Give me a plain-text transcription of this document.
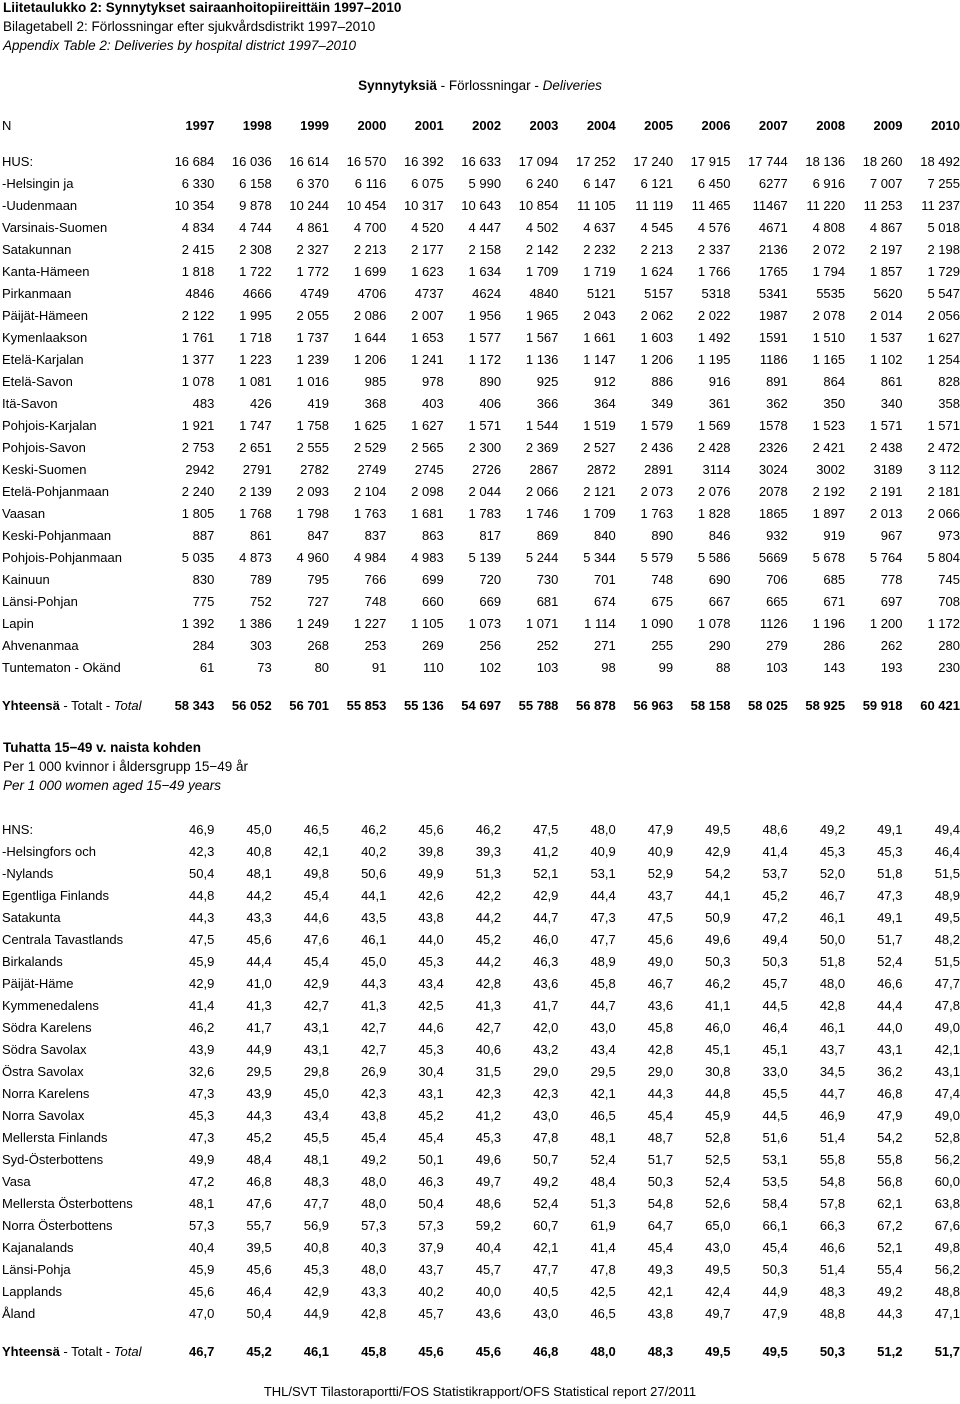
Liitetaulukko 2: Synnytykset sairaanhoitopiireittäin 1997–2010
Bilagetabell 2: Förlossningar efter sjukvårdsdistrikt 1997–2010
Appendix Table 2: Deliveries by hospital district 1997–2010
Synnytyksiä - Förlossningar - Deliveries
N	1997	1998	1999	2000	2001	2002	2003	2004	2005	2006	2007	2008	2009	2010

HUS:	16 684	16 036	16 614	16 570	16 392	16 633	17 094	17 252	17 240	17 915	17 744	18 136	18 260	18 492
-Helsingin ja	6 330	6 158	6 370	6 116	6 075	5 990	6 240	6 147	6 121	6 450	6277	6 916	7 007	7 255
-Uudenmaan	10 354	9 878	10 244	10 454	10 317	10 643	10 854	11 105	11 119	11 465	11467	11 220	11 253	11 237
Varsinais-Suomen	4 834	4 744	4 861	4 700	4 520	4 447	4 502	4 637	4 545	4 576	4671	4 808	4 867	5 018
Satakunnan	2 415	2 308	2 327	2 213	2 177	2 158	2 142	2 232	2 213	2 337	2136	2 072	2 197	2 198
Kanta-Hämeen	1 818	1 722	1 772	1 699	1 623	1 634	1 709	1 719	1 624	1 766	1765	1 794	1 857	1 729
Pirkanmaan	4846	4666	4749	4706	4737	4624	4840	5121	5157	5318	5341	5535	5620	5 547
Päijät-Hämeen	2 122	1 995	2 055	2 086	2 007	1 956	1 965	2 043	2 062	2 022	1987	2 078	2 014	2 056
Kymenlaakson	1 761	1 718	1 737	1 644	1 653	1 577	1 567	1 661	1 603	1 492	1591	1 510	1 537	1 627
Etelä-Karjalan	1 377	1 223	1 239	1 206	1 241	1 172	1 136	1 147	1 206	1 195	1186	1 165	1 102	1 254
Etelä-Savon	1 078	1 081	1 016	985	978	890	925	912	886	916	891	864	861	828
Itä-Savon	483	426	419	368	403	406	366	364	349	361	362	350	340	358
Pohjois-Karjalan	1 921	1 747	1 758	1 625	1 627	1 571	1 544	1 519	1 579	1 569	1578	1 523	1 571	1 571
Pohjois-Savon	2 753	2 651	2 555	2 529	2 565	2 300	2 369	2 527	2 436	2 428	2326	2 421	2 438	2 472
Keski-Suomen	2942	2791	2782	2749	2745	2726	2867	2872	2891	3114	3024	3002	3189	3 112
Etelä-Pohjanmaan	2 240	2 139	2 093	2 104	2 098	2 044	2 066	2 121	2 073	2 076	2078	2 192	2 191	2 181
Vaasan	1 805	1 768	1 798	1 763	1 681	1 783	1 746	1 709	1 763	1 828	1865	1 897	2 013	2 066
Keski-Pohjanmaan	887	861	847	837	863	817	869	840	890	846	932	919	967	973
Pohjois-Pohjanmaan	5 035	4 873	4 960	4 984	4 983	5 139	5 244	5 344	5 579	5 586	5669	5 678	5 764	5 804
Kainuun	830	789	795	766	699	720	730	701	748	690	706	685	778	745
Länsi-Pohjan	775	752	727	748	660	669	681	674	675	667	665	671	697	708
Lapin	1 392	1 386	1 249	1 227	1 105	1 073	1 071	1 114	1 090	1 078	1126	1 196	1 200	1 172
Ahvenanmaa	284	303	268	253	269	256	252	271	255	290	279	286	262	280
Tuntematon - Okänd	61	73	80	91	110	102	103	98	99	88	103	143	193	230

Yhteensä - Totalt - Total	58 343	56 052	56 701	55 853	55 136	54 697	55 788	56 878	56 963	58 158	58 025	58 925	59 918	60 421
Tuhatta 15−49 v. naista kohden
Per 1 000 kvinnor i åldersgrupp 15−49 år
Per 1 000 women aged 15−49 years
HNS:	46,9	45,0	46,5	46,2	45,6	46,2	47,5	48,0	47,9	49,5	48,6	49,2	49,1	49,4
-Helsingfors och	42,3	40,8	42,1	40,2	39,8	39,3	41,2	40,9	40,9	42,9	41,4	45,3	45,3	46,4
-Nylands	50,4	48,1	49,8	50,6	49,9	51,3	52,1	53,1	52,9	54,2	53,7	52,0	51,8	51,5
Egentliga Finlands	44,8	44,2	45,4	44,1	42,6	42,2	42,9	44,4	43,7	44,1	45,2	46,7	47,3	48,9
Satakunta	44,3	43,3	44,6	43,5	43,8	44,2	44,7	47,3	47,5	50,9	47,2	46,1	49,1	49,5
Centrala Tavastlands	47,5	45,6	47,6	46,1	44,0	45,2	46,0	47,7	45,6	49,6	49,4	50,0	51,7	48,2
Birkalands	45,9	44,4	45,4	45,0	45,3	44,2	46,3	48,9	49,0	50,3	50,3	51,8	52,4	51,5
Päijät-Häme	42,9	41,0	42,9	44,3	43,4	42,8	43,6	45,8	46,7	46,2	45,7	48,0	46,6	47,7
Kymmenedalens	41,4	41,3	42,7	41,3	42,5	41,3	41,7	44,7	43,6	41,1	44,5	42,8	44,4	47,8
Södra Karelens	46,2	41,7	43,1	42,7	44,6	42,7	42,0	43,0	45,8	46,0	46,4	46,1	44,0	49,0
Södra Savolax	43,9	44,9	43,1	42,7	45,3	40,6	43,2	43,4	42,8	45,1	45,1	43,7	43,1	42,1
Östra Savolax	32,6	29,5	29,8	26,9	30,4	31,5	29,0	29,5	29,0	30,8	33,0	34,5	36,2	43,1
Norra Karelens	47,3	43,9	45,0	42,3	43,1	42,3	42,3	42,1	44,3	44,8	45,5	44,7	46,8	47,4
Norra Savolax	45,3	44,3	43,4	43,8	45,2	41,2	43,0	46,5	45,4	45,9	44,5	46,9	47,9	49,0
Mellersta Finlands	47,3	45,2	45,5	45,4	45,4	45,3	47,8	48,1	48,7	52,8	51,6	51,4	54,2	52,8
Syd-Österbottens	49,9	48,4	48,1	49,2	50,1	49,6	50,7	52,4	51,7	52,5	53,1	55,8	55,8	56,2
Vasa	47,2	46,8	48,3	48,0	46,3	49,7	49,2	48,4	50,3	52,4	53,5	54,8	56,8	60,0
Mellersta Österbottens	48,1	47,6	47,7	48,0	50,4	48,6	52,4	51,3	54,8	52,6	58,4	57,8	62,1	63,8
Norra Österbottens	57,3	55,7	56,9	57,3	57,3	59,2	60,7	61,9	64,7	65,0	66,1	66,3	67,2	67,6
Kajanalands	40,4	39,5	40,8	40,3	37,9	40,4	42,1	41,4	45,4	43,0	45,4	46,6	52,1	49,8
Länsi-Pohja	45,9	45,6	45,3	48,0	43,7	45,7	47,7	47,8	49,3	49,5	50,3	51,4	55,4	56,2
Lapplands	45,6	46,4	42,9	43,3	40,2	40,0	40,5	42,5	42,1	42,4	44,9	48,3	49,2	48,8
Åland	47,0	50,4	44,9	42,8	45,7	43,6	43,0	46,5	43,8	49,7	47,9	48,8	44,3	47,1

Yhteensä - Totalt - Total	46,7	45,2	46,1	45,8	45,6	45,6	46,8	48,0	48,3	49,5	49,5	50,3	51,2	51,7
THL/SVT Tilastoraportti/FOS Statistikrapport/OFS Statistical report 27/2011
